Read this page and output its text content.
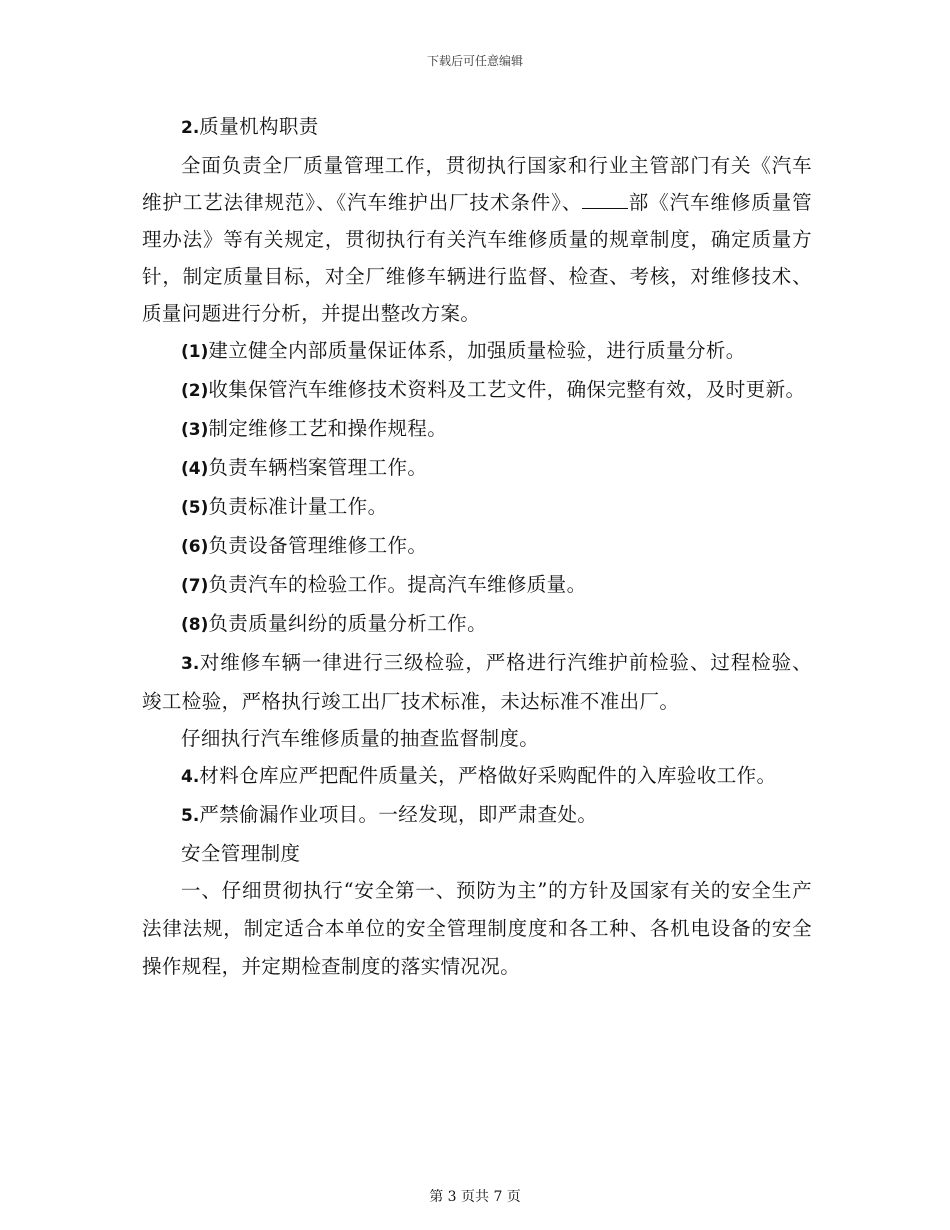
下载后可任意编辑

2.质量机构职责

全面负责全厂质量管理工作，贯彻执行国家和行业主管部门有关《汽车维护工艺法律规范》、《汽车维护出厂技术条件》、 部《汽车维修质量管理办法》等有关规定，贯彻执行有关汽车维修质量的规章制度，确定质量方针，制定质量目标，对全厂维修车辆进行监督、检查、考核，对维修技术、质量问题进行分析，并提出整改方案。

(1)建立健全内部质量保证体系，加强质量检验，进行质量分析。

(2)收集保管汽车维修技术资料及工艺文件，确保完整有效，及时更新。

(3)制定维修工艺和操作规程。

(4)负责车辆档案管理工作。

(5)负责标准计量工作。

(6)负责设备管理维修工作。

(7)负责汽车的检验工作。提高汽车维修质量。

(8)负责质量纠纷的质量分析工作。

3.对维修车辆一律进行三级检验，严格进行汽维护前检验、过程检验、竣工检验，严格执行竣工出厂技术标准，未达标准不准出厂。

仔细执行汽车维修质量的抽查监督制度。

4.材料仓库应严把配件质量关，严格做好采购配件的入库验收工作。

5.严禁偷漏作业项目。一经发现，即严肃查处。

安全管理制度

一、仔细贯彻执行“安全第一、预防为主”的方针及国家有关的安全生产法律法规，制定适合本单位的安全管理制度度和各工种、各机电设备的安全操作规程，并定期检查制度的落实情况况。

第 3 页共 7 页
